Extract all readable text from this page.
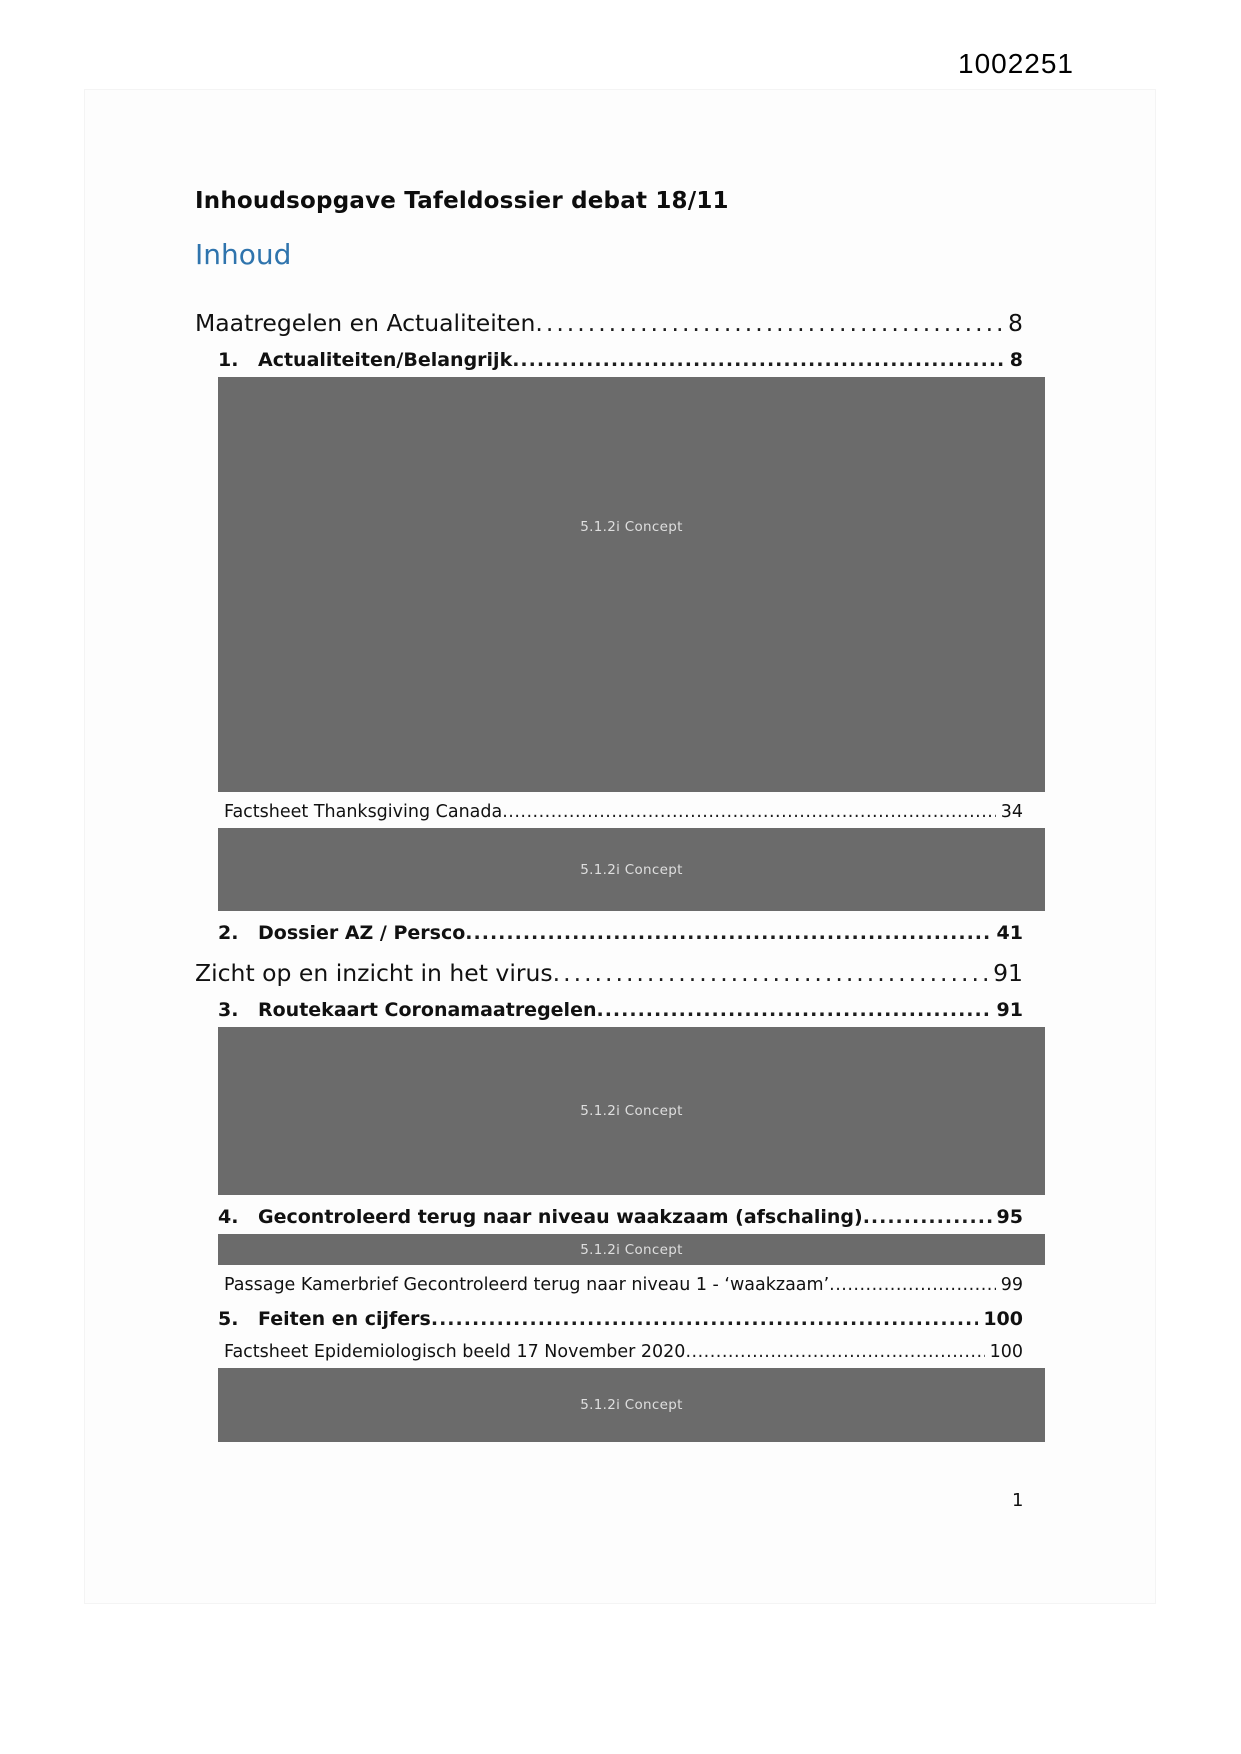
1002251
Inhoudsopgave Tafeldossier debat 18/11
Inhoud
Maatregelen en Actualiteiten .....	8
1.	Actualiteiten/Belangrijk .....	8
5.1.2i Concept
Factsheet Thanksgiving Canada .....	34
5.1.2i Concept
2.	Dossier AZ / Persco .....	41
Zicht op en inzicht in het virus .....	91
3.	Routekaart Coronamaatregelen .....	91
5.1.2i Concept
4.	Gecontroleerd terug naar niveau waakzaam (afschaling) .....	95
5.1.2i Concept
Passage Kamerbrief Gecontroleerd terug naar niveau 1 - ‘waakzaam’ .....	99
5.	Feiten en cijfers .....	100
Factsheet Epidemiologisch beeld 17 November 2020 .....	100
5.1.2i Concept
1
